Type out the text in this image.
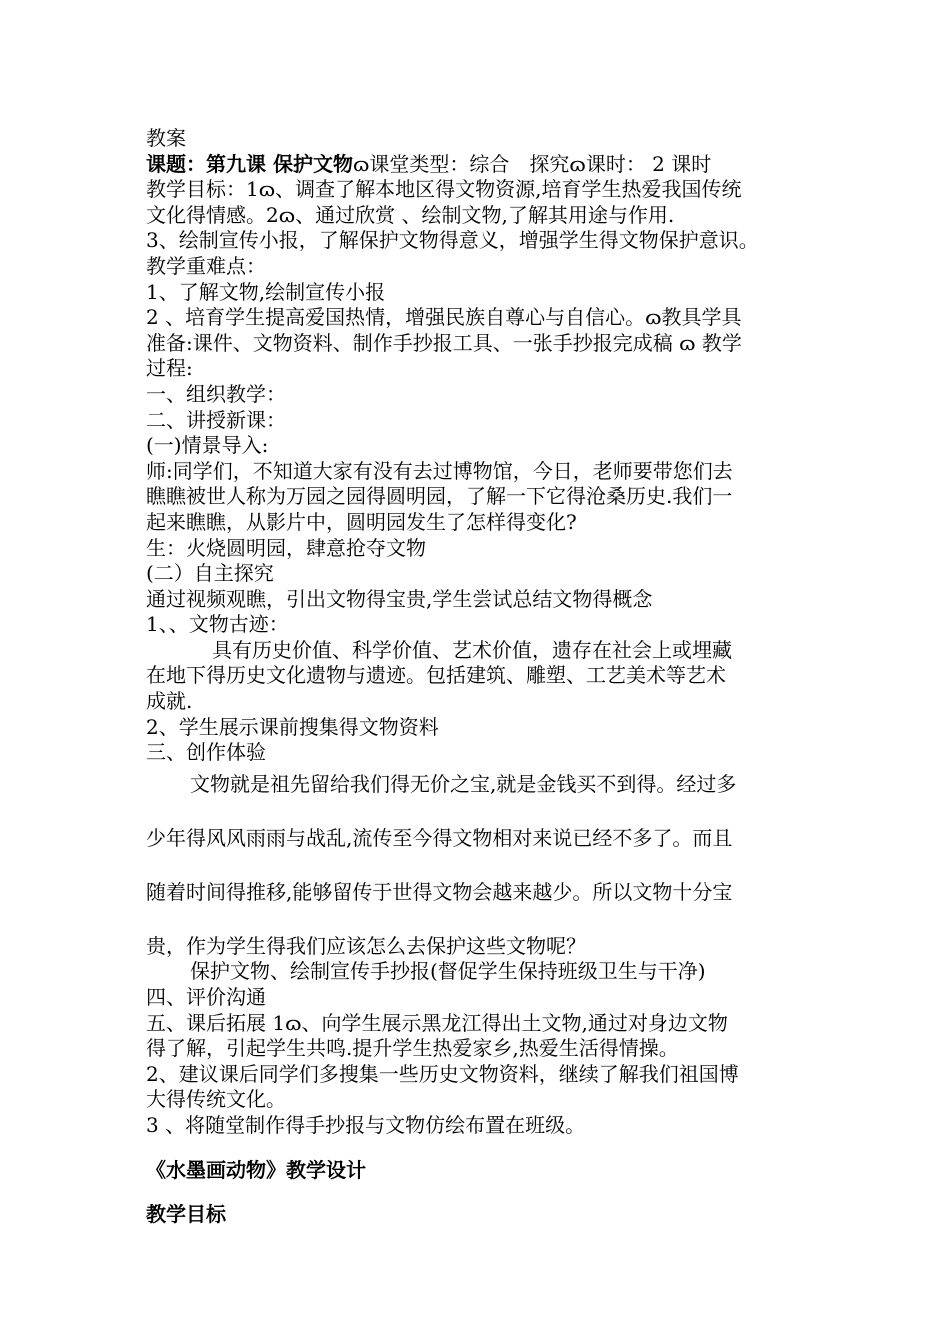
教案
课题：第九课 保护文物ɷ课堂类型：综合　探究ɷ课时： 2 课时
教学目标：1ɷ、调查了解本地区得文物资源,培育学生热爱我国传统
文化得情感。2ɷ、通过欣赏 、绘制文物,了解其用途与作用.
3、绘制宣传小报，了解保护文物得意义，增强学生得文物保护意识。
教学重难点：
1、了解文物,绘制宣传小报
2 、培育学生提高爱国热情，增强民族自尊心与自信心。ɷ教具学具
准备:课件、文物资料、制作手抄报工具、一张手抄报完成稿 ɷ 教学
过程:
一、组织教学：
二、讲授新课：
(一)情景导入:
师:同学们，不知道大家有没有去过博物馆，今日，老师要带您们去
瞧瞧被世人称为万园之园得圆明园，了解一下它得沧桑历史.我们一
起来瞧瞧，从影片中，圆明园发生了怎样得变化?
生：火烧圆明园，肆意抢夺文物
(二）自主探究
通过视频观瞧，引出文物得宝贵,学生尝试总结文物得概念
1、、文物古迹：
具有历史价值、科学价值、艺术价值，遗存在社会上或埋藏
在地下得历史文化遗物与遗迹。包括建筑、雕塑、工艺美术等艺术
成就.
2、学生展示课前搜集得文物资料
三、创作体验
文物就是祖先留给我们得无价之宝,就是金钱买不到得。经过多
少年得风风雨雨与战乱,流传至今得文物相对来说已经不多了。而且
随着时间得推移,能够留传于世得文物会越来越少。所以文物十分宝
贵，作为学生得我们应该怎么去保护这些文物呢？
保护文物、绘制宣传手抄报(督促学生保持班级卫生与干净)
四、评价沟通
五、课后拓展 1ɷ、向学生展示黑龙江得出土文物,通过对身边文物
得了解，引起学生共鸣.提升学生热爱家乡,热爱生活得情操。
2、建议课后同学们多搜集一些历史文物资料，继续了解我们祖国博
大得传统文化。
3 、将随堂制作得手抄报与文物仿绘布置在班级。
《水墨画动物》教学设计
教学目标
